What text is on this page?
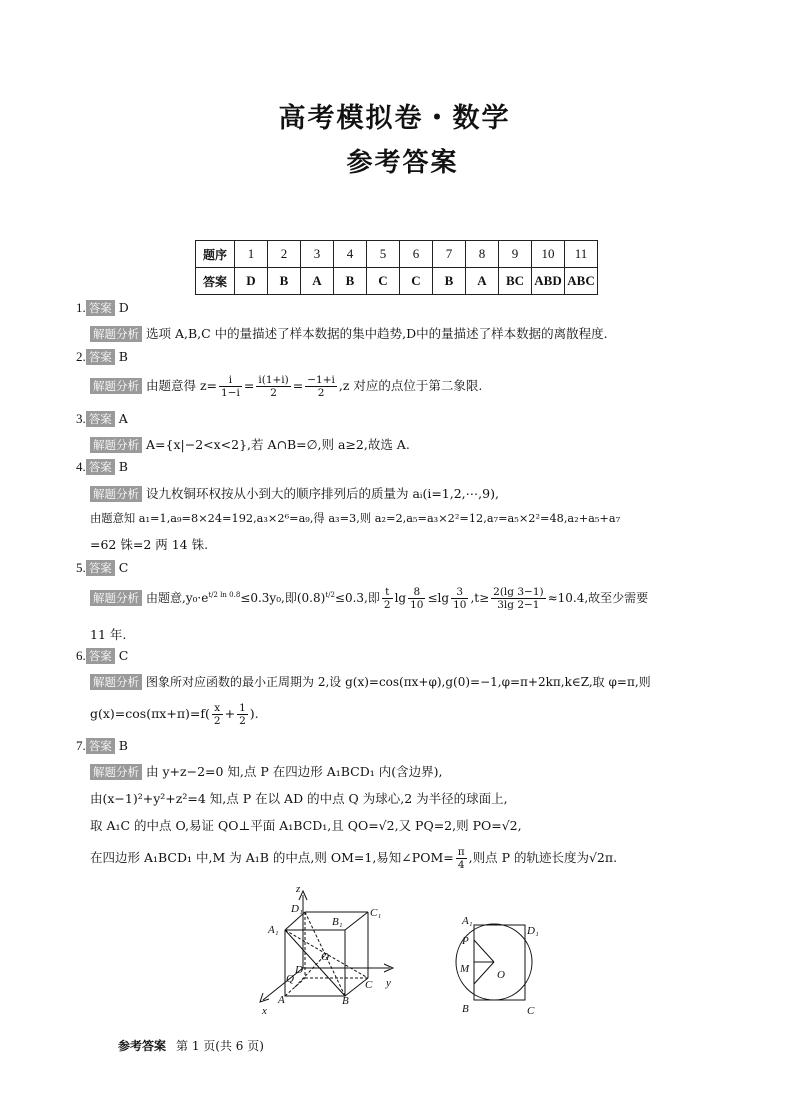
高考模拟卷・数学
参考答案
题序	1	2	3	4	5	6	7	8	9	10	11
答案	D	B	A	B	C	C	B	A	BC	ABD	ABC
1. 答案 D
解题分析 选项 A,B,C 中的量描述了样本数据的集中趋势,D中的量描述了样本数据的离散程度.
2. 答案 B
解题分析 由题意得 $z= \frac{i}{1-i} = \frac{i(1+i)}{2} = \frac{-1+i}{2} ,z$ 对应的点位于第二象限.
3. 答案 A
解题分析 A={x|−2<x<2},若 A∩B=∅,则 a≥2,故选 A.
4. 答案 B
解题分析 设九枚铜环权按从小到大的顺序排列后的质量为 aᵢ(i=1,2,⋯,9),
由题意知 a₁=1,a₉=8×24=192,a₃×2⁶=a₉,得 a₃=3,则 a₂=2,a₅=a₃×2²=12,a₇=a₅×2²=48,a₂+a₅+a₇
=62 铢=2 两 14 铢.
5. 答案 C
解题分析 由题意$,y_0\cdot e^{t/2 ln 0.8}\le 0.3y_0$,即$(0.8)^{t/2}\le 0.3$,即 $\frac{t}{2}$ $\lg \frac{8}{10} \le\lg \frac{3}{10} ,t\ge \frac{2(\lg 3-1)}{3\lg 2-1} \approx 10.4$,故至少需要
11 年.
6. 答案 C
解题分析 图象所对应函数的最小正周期为 2,设 g(x)=cos(πx+φ),g(0)=−1,φ=π+2kπ,k∈Z,取 φ=π,则
$g(x)=\cos(\pi x+\pi)=f( \frac{x}{2} + \frac{1}{2}$ ).
7. 答案 B
解题分析 由 y+z−2=0 知,点 P 在四边形 A₁BCD₁ 内(含边界),
由(x−1)²+y²+z²=4 知,点 P 在以 AD 的中点 Q 为球心,2 为半径的球面上,
取 A₁C 的中点 O,易证 QO⊥平面 A₁BCD₁,且 QO=√2,又 PQ=2,则 PO=√2,
在四边形 A₁BCD₁ 中,M 为 A₁B 的中点,则 OM=1,易知∠POM= $\frac{\pi}{4}$ ,则点 P 的轨迹长度为√2π.
z
D₁
B₁
C₁
A₁
O
D
Q	C y
A	B
x
A₁
D₁
P
M	O
B	C
参考答案 第 1 页(共 6 页)
